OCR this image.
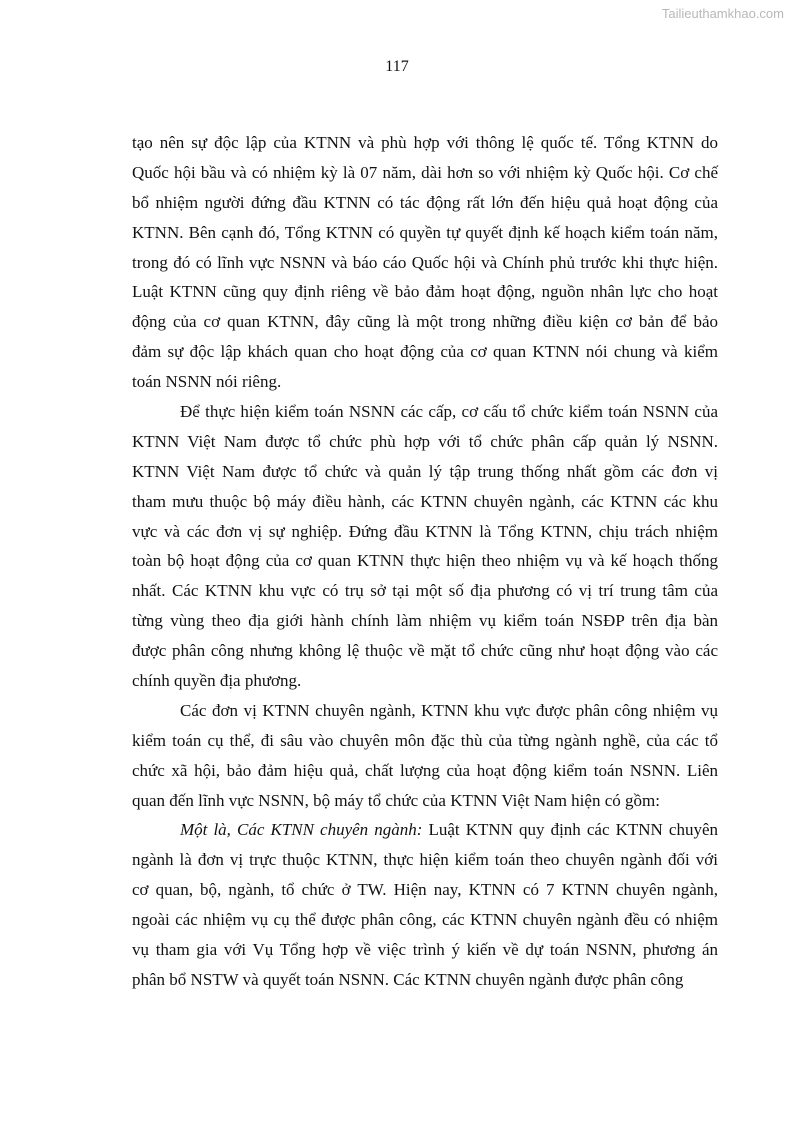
Tailieuthamkhao.com
117
tạo nên sự độc lập của KTNN và phù hợp với thông lệ quốc tế. Tổng KTNN do
Quốc hội bầu và có nhiệm kỳ là 07 năm, dài hơn so với nhiệm kỳ Quốc hội. Cơ chế
bổ nhiệm người đứng đầu KTNN có tác động rất lớn đến hiệu quả hoạt động của
KTNN. Bên cạnh đó, Tổng KTNN có quyền tự quyết định kế hoạch kiểm toán năm,
trong đó có lĩnh vực NSNN và báo cáo Quốc hội và Chính phủ trước khi thực hiện.
Luật KTNN cũng quy định riêng về bảo đảm hoạt động, nguồn nhân lực cho hoạt
động của cơ quan KTNN, đây cũng là một trong những điều kiện cơ bản để bảo
đảm sự độc lập khách quan cho hoạt động của cơ quan KTNN nói chung và kiểm
toán NSNN nói riêng.
Để thực hiện kiểm toán NSNN các cấp, cơ cấu tổ chức kiểm toán NSNN của
KTNN Việt Nam được tổ chức phù hợp với tổ chức phân cấp quản lý NSNN.
KTNN Việt Nam được tổ chức và quản lý tập trung thống nhất gồm các đơn vị
tham mưu thuộc bộ máy điều hành, các KTNN chuyên ngành, các KTNN các khu
vực và các đơn vị sự nghiệp. Đứng đầu KTNN là Tổng KTNN, chịu trách nhiệm
toàn bộ hoạt động của cơ quan KTNN thực hiện theo nhiệm vụ và kế hoạch thống
nhất. Các KTNN khu vực có trụ sở tại một số địa phương có vị trí trung tâm của
từng vùng theo địa giới hành chính làm nhiệm vụ kiểm toán NSĐP trên địa bàn
được phân công nhưng không lệ thuộc về mặt tổ chức cũng như hoạt động vào các
chính quyền địa phương.
Các đơn vị KTNN chuyên ngành, KTNN khu vực được phân công nhiệm vụ
kiểm toán cụ thể, đi sâu vào chuyên môn đặc thù của từng ngành nghề, của các tổ
chức xã hội, bảo đảm hiệu quả, chất lượng của hoạt động kiểm toán NSNN. Liên
quan đến lĩnh vực NSNN, bộ máy tổ chức của KTNN Việt Nam hiện có gồm:
Một là, Các KTNN chuyên ngành: Luật KTNN quy định các KTNN chuyên
ngành là đơn vị trực thuộc KTNN, thực hiện kiểm toán theo chuyên ngành đối với
cơ quan, bộ, ngành, tổ chức ở TW. Hiện nay, KTNN có 7 KTNN chuyên ngành,
ngoài các nhiệm vụ cụ thể được phân công, các KTNN chuyên ngành đều có nhiệm
vụ tham gia với Vụ Tổng hợp về việc trình ý kiến về dự toán NSNN, phương án
phân bổ NSTW và quyết toán NSNN. Các KTNN chuyên ngành được phân công
